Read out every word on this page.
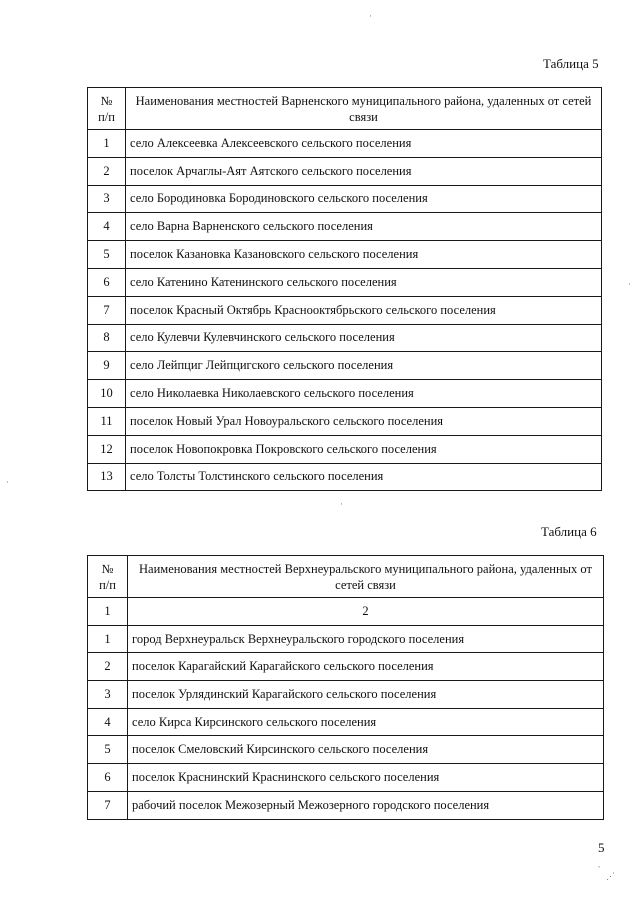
Таблица 5
№
п/п	Наименования местностей Варненского муниципального района, удаленных от сетей связи
1	село Алексеевка Алексеевского сельского поселения
2	поселок Арчаглы-Аят Аятского сельского поселения
3	село Бородиновка Бородиновского сельского поселения
4	село Варна Варненского сельского поселения
5	поселок Казановка Казановского сельского поселения
6	село Катенино Катенинского сельского поселения
7	поселок Красный Октябрь Краснооктябрьского сельского поселения
8	село Кулевчи Кулевчинского сельского поселения
9	село Лейпциг Лейпцигского сельского поселения
10	село Николаевка Николаевского сельского поселения
11	поселок Новый Урал Новоуральского сельского поселения
12	поселок Новопокровка Покровского сельского поселения
13	село Толсты Толстинского сельского поселения
Таблица 6
№
п/п	Наименования местностей Верхнеуральского муниципального района, удаленных от сетей связи
1	2
1	город Верхнеуральск Верхнеуральского городского поселения
2	поселок Карагайский Карагайского сельского поселения
3	поселок Урлядинский Карагайского сельского поселения
4	село Кирса Кирсинского сельского поселения
5	поселок Смеловский Кирсинского сельского поселения
6	поселок Краснинский Краснинского сельского поселения
7	рабочий поселок Межозерный Межозерного городского поселения
5
·
·
·
·
‵
⋰
